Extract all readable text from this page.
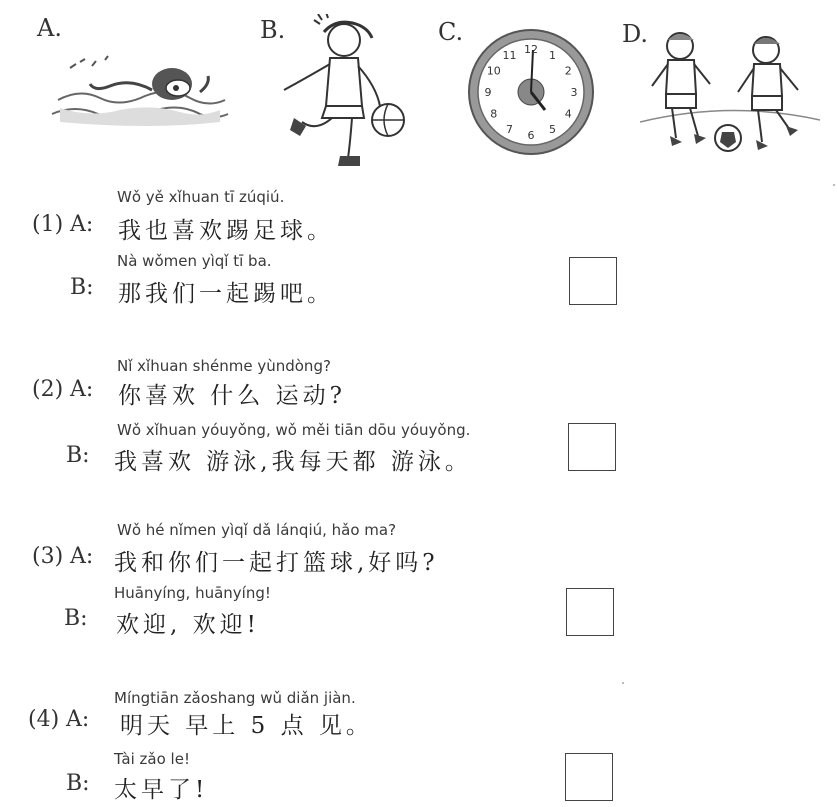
A.	B.	C.	D.
12 1
2
3
4
5
6
7
8
9
10
11
Wǒ yě xǐhuan tī zúqiú.
(1) A: 我也喜欢踢足球。
Nà wǒmen yìqǐ tī ba.
B: 那我们一起踢吧。
Nǐ xǐhuan shénme yùndòng?
(2) A: 你喜欢 什么 运动?
Wǒ xǐhuan yóuyǒng, wǒ měi tiān dōu yóuyǒng.
B: 我喜欢 游泳,我每天都 游泳。
Wǒ hé nǐmen yìqǐ dǎ lánqiú, hǎo ma?
(3) A: 我和你们一起打篮球,好吗?
Huānyíng, huānyíng!
B: 欢迎, 欢迎!
Míngtiān zǎoshang wǔ diǎn jiàn.
(4) A: 明天 早上 5 点 见。
Tài zǎo le!
B: 太早了!
